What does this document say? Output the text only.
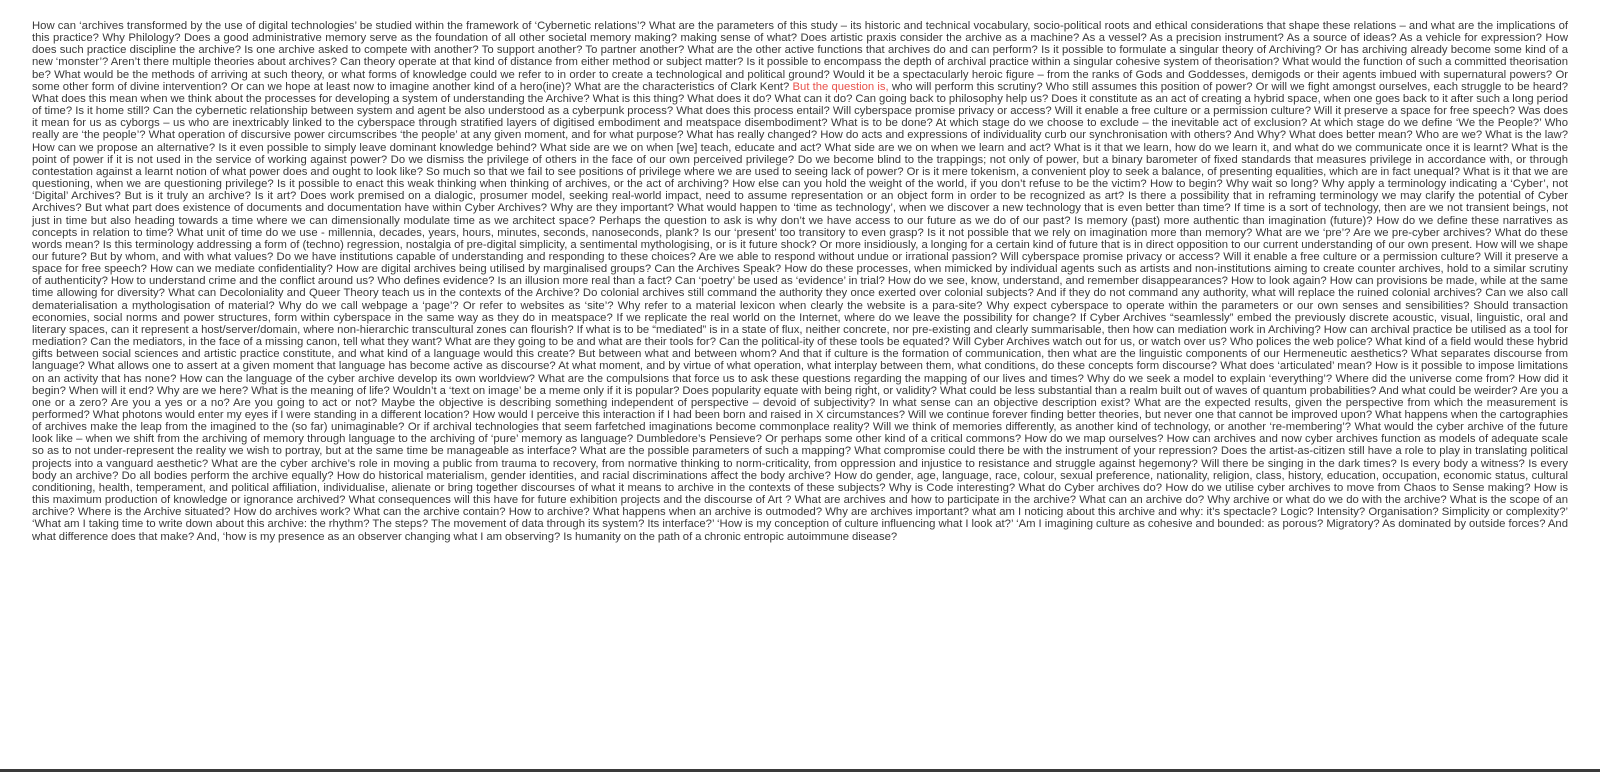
How can ‘archives transformed by the use of digital technologies’ be studied within the framework of ‘Cybernetic relations’? What are the parameters of this study – its historic and technical vocabulary, socio-political roots and ethical considerations that shape these relations – and what are the implications of this practice? Why Philology? Does a good administrative memory serve as the foundation of all other societal memory making? making sense of what? Does artistic praxis consider the archive as a machine? As a vessel? As a precision instrument? As a source of ideas? As a vehicle for expression? How does such practice discipline the archive? Is one archive asked to compete with another? To support another? To partner another? What are the other active functions that archives do and can perform? Is it possible to formulate a singular theory of Archiving? Or has archiving already become some kind of a new ‘monster’? Aren’t there multiple theories about archives? Can theory operate at that kind of distance from either method or subject matter? Is it possible to encompass the depth of archival practice within a singular cohesive system of theorisation? What would the function of such a committed theorisation be? What would be the methods of arriving at such theory, or what forms of knowledge could we refer to in order to create a technological and political ground? Would it be a spectacularly heroic figure – from the ranks of Gods and Goddesses, demigods or their agents imbued with supernatural powers? Or some other form of divine intervention? Or can we hope at least now to imagine another kind of a hero(ine)? What are the characteristics of Clark Kent? But the question is, who will perform this scrutiny? Who still assumes this position of power? Or will we fight amongst ourselves, each struggle to be heard? What does this mean when we think about the processes for developing a system of understanding the Archive? What is this thing? What does it do? What can it do? Can going back to philosophy help us? Does it constitute as an act of creating a hybrid space, when one goes back to it after such a long period of time? Is it home still? Can the cybernetic relationship between system and agent be also understood as a cyberpunk process? What does this process entail? Will cyberspace promise privacy or access? Will it enable a free culture or a permission culture? Will it preserve a space for free speech? Was does it mean for us as cyborgs – us who are inextricably linked to the cyberspace through stratified layers of digitised embodiment and meatspace disembodiment? What is to be done? At which stage do we choose to exclude – the inevitable act of exclusion? At which stage do we define ‘We the People?’ Who really are ‘the people’? What operation of discursive power circumscribes ‘the people’ at any given moment, and for what purpose? What has really changed? How do acts and expressions of individuality curb our synchronisation with others? And Why? What does better mean? Who are we? What is the law? How can we propose an alternative? Is it even possible to simply leave dominant knowledge behind? What side are we on when [we] teach, educate and act? What side are we on when we learn and act? What is it that we learn, how do we learn it, and what do we communicate once it is learnt? What is the point of power if it is not used in the service of working against power? Do we dismiss the privilege of others in the face of our own perceived privilege? Do we become blind to the trappings; not only of power, but a binary barometer of fixed standards that measures privilege in accordance with, or through contestation against a learnt notion of what power does and ought to look like? So much so that we fail to see positions of privilege where we are used to seeing lack of power? Or is it mere tokenism, a convenient ploy to seek a balance, of presenting equalities, which are in fact unequal? What is it that we are questioning, when we are questioning privilege? Is it possible to enact this weak thinking when thinking of archives, or the act of archiving? How else can you hold the weight of the world, if you don’t refuse to be the victim? How to begin? Why wait so long? Why apply a terminology indicating a ‘Cyber’, not ‘Digital’ Archives? But is it truly an archive? Is it art? Does work premised on a dialogic, prosumer model, seeking real-world impact, need to assume representation or an object form in order to be recognized as art? Is there a possibility that in reframing terminology we may clarify the potential of Cyber Archives? But what part does existence of documents and documentation have within Cyber Archives? Why are they important? What would happen to ‘time as technology’, when we discover a new technology that is even better than time? If time is a sort of technology, then are we not transient beings, not just in time but also heading towards a time where we can dimensionally modulate time as we architect space? Perhaps the question to ask is why don’t we have access to our future as we do of our past? Is memory (past) more authentic than imagination (future)? How do we define these narratives as concepts in relation to time? What unit of time do we use - millennia, decades, years, hours, minutes, seconds, nanoseconds, plank? Is our ‘present’ too transitory to even grasp? Is it not possible that we rely on imagination more than memory? What are we ‘pre’? Are we pre-cyber archives? What do these words mean? Is this terminology addressing a form of (techno) regression, nostalgia of pre-digital simplicity, a sentimental mythologising, or is it future shock? Or more insidiously, a longing for a certain kind of future that is in direct opposition to our current understanding of our own present. How will we shape our future? But by whom, and with what values? Do we have institutions capable of understanding and responding to these choices? Are we able to respond without undue or irrational passion? Will cyberspace promise privacy or access? Will it enable a free culture or a permission culture? Will it preserve a space for free speech? How can we mediate confidentiality? How are digital archives being utilised by marginalised groups? Can the Archives Speak? How do these processes, when mimicked by individual agents such as artists and non-institutions aiming to create counter archives, hold to a similar scrutiny of authenticity? How to understand crime and the conflict around us? Who defines evidence? Is an illusion more real than a fact? Can ‘poetry’ be used as ‘evidence’ in trial? How do we see, know, understand, and remember disappearances? How to look again? How can provisions be made, while at the same time allowing for diversity? What can Decoloniality and Queer Theory teach us in the contexts of the Archive? Do colonial archives still command the authority they once exerted over colonial subjects? And if they do not command any authority, what will replace the ruined colonial archives? Can we also call dematerialisation a mythologisation of material? Why do we call webpage a ‘page’? Or refer to websites as ‘site’? Why refer to a material lexicon when clearly the website is a para-site? Why expect cyberspace to operate within the parameters or our own senses and sensibilities? Should transaction economies, social norms and power structures, form within cyberspace in the same way as they do in meatspace? If we replicate the real world on the Internet, where do we leave the possibility for change? If Cyber Archives “seamlessly” embed the previously discrete acoustic, visual, linguistic, oral and literary spaces, can it represent a host/server/domain, where non-hierarchic transcultural zones can flourish? If what is to be “mediated” is in a state of flux, neither concrete, nor pre-existing and clearly summarisable, then how can mediation work in Archiving? How can archival practice be utilised as a tool for mediation? Can the mediators, in the face of a missing canon, tell what they want? What are they going to be and what are their tools for? Can the political-ity of these tools be equated? Will Cyber Archives watch out for us, or watch over us? Who polices the web police? What kind of a field would these hybrid gifts between social sciences and artistic practice constitute, and what kind of a language would this create? But between what and between whom? And that if culture is the formation of communication, then what are the linguistic components of our Hermeneutic aesthetics? What separates discourse from language? What allows one to assert at a given moment that language has become active as discourse? At what moment, and by virtue of what operation, what interplay between them, what conditions, do these concepts form discourse? What does ‘articulated’ mean? How is it possible to impose limitations on an activity that has none? How can the language of the cyber archive develop its own worldview? What are the compulsions that force us to ask these questions regarding the mapping of our lives and times? Why do we seek a model to explain ‘everything’? Where did the universe come from? How did it begin? When will it end? Why are we here? What is the meaning of life? Wouldn’t a ‘text on image’ be a meme only if it is popular? Does popularity equate with being right, or validity? What could be less substantial than a realm built out of waves of quantum probabilities? And what could be weirder? Are you a one or a zero? Are you a yes or a no? Are you going to act or not? Maybe the objective is describing something independent of perspective – devoid of subjectivity? In what sense can an objective description exist? What are the expected results, given the perspective from which the measurement is performed? What photons would enter my eyes if I were standing in a different location? How would I perceive this interaction if I had been born and raised in X circumstances? Will we continue forever finding better theories, but never one that cannot be improved upon? What happens when the cartographies of archives make the leap from the imagined to the (so far) unimaginable? Or if archival technologies that seem farfetched imaginations become commonplace reality? Will we think of memories differently, as another kind of technology, or another ‘re-membering’? What would the cyber archive of the future look like – when we shift from the archiving of memory through language to the archiving of ‘pure’ memory as language? Dumbledore’s Pensieve? Or perhaps some other kind of a critical commons? How do we map ourselves? How can archives and now cyber archives function as models of adequate scale so as to not under-represent the reality we wish to portray, but at the same time be manageable as interface? What are the possible parameters of such a mapping? What compromise could there be with the instrument of your repression? Does the artist-as-citizen still have a role to play in translating political projects into a vanguard aesthetic? What are the cyber archive’s role in moving a public from trauma to recovery, from normative thinking to norm-criticality, from oppression and injustice to resistance and struggle against hegemony? Will there be singing in the dark times? Is every body a witness? Is every body an archive? Do all bodies perform the archive equally? How do historical materialism, gender identities, and racial discriminations affect the body archive? How do gender, age, language, race, colour, sexual preference, nationality, religion, class, history, education, occupation, economic status, cultural conditioning, health, temperament, and political affiliation, individualise, alienate or bring together discourses of what it means to archive in the contexts of these subjects? Why is Code interesting? What do Cyber archives do? How do we utilise cyber archives to move from Chaos to Sense making? How is this maximum production of knowledge or ignorance archived? What consequences will this have for future exhibition projects and the discourse of Art ? What are archives and how to participate in the archive? What can an archive do? Why archive or what do we do with the archive? What is the scope of an archive? Where is the Archive situated? How do archives work? What can the archive contain? How to archive? What happens when an archive is outmoded? Why are archives important? what am I noticing about this archive and why: it’s spectacle? Logic? Intensity? Organisation? Simplicity or complexity?’ ‘What am I taking time to write down about this archive: the rhythm? The steps? The movement of data through its system? Its interface?’ ‘How is my conception of culture influencing what I look at?’ ‘Am I imagining culture as cohesive and bounded: as porous? Migratory? As dominated by outside forces? And what difference does that make? And, ‘how is my presence as an observer changing what I am observing? Is humanity on the path of a chronic entropic autoimmune disease?
